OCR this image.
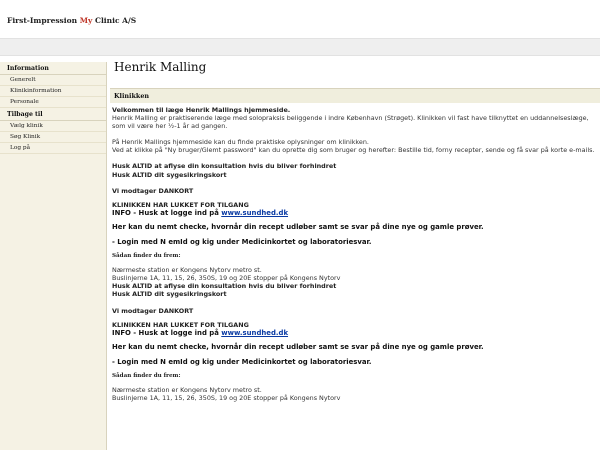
First-Impression My Clinic A/S
Information
Generelt
Klinikinformation
Personale
Tilbage til
Vælg klinik
Søg Klinik
Log på
Henrik Malling
Klinikken

Velkommen til læge Henrik Mallings hjemmeside.

Henrik Malling er praktiserende læge med solopraksis beliggende i indre København (Strøget). Klinikken vil fast have tilknyttet en uddannelseslæge, som vil være her ½-1 år ad gangen.

På Henrik Mallings hjemmeside kan du finde praktiske oplysninger om klinikken.

Ved at klikke på "Ny bruger/Glemt password" kan du oprette dig som bruger og herefter: Bestille tid, forny recepter, sende og få svar på korte e-mails.

Husk ALTID at aflyse din konsultation hvis du bliver forhindret

Husk ALTID dit sygesikringskort

Vi modtager DANKORT

KLINIKKEN HAR LUKKET FOR TILGANG

INFO - Husk at logge ind på www.sundhed.dk

Her kan du nemt checke, hvornår din recept udløber samt se svar på dine nye og gamle prøver.

- Login med N emId og kig under Medicinkortet og laboratoriesvar.

Sådan finder du frem:

Nærmeste station er Kongens Nytorv metro st.

Buslinjerne 1A, 11, 15, 26, 350S, 19 og 20E stopper på Kongens Nytorv

Husk ALTID at aflyse din konsultation hvis du bliver forhindret

Husk ALTID dit sygesikringskort

Vi modtager DANKORT

KLINIKKEN HAR LUKKET FOR TILGANG

INFO - Husk at logge ind på www.sundhed.dk

Her kan du nemt checke, hvornår din recept udløber samt se svar på dine nye og gamle prøver.

- Login med N emId og kig under Medicinkortet og laboratoriesvar.

Sådan finder du frem:

Nærmeste station er Kongens Nytorv metro st.

Buslinjerne 1A, 11, 15, 26, 350S, 19 og 20E stopper på Kongens Nytorv
